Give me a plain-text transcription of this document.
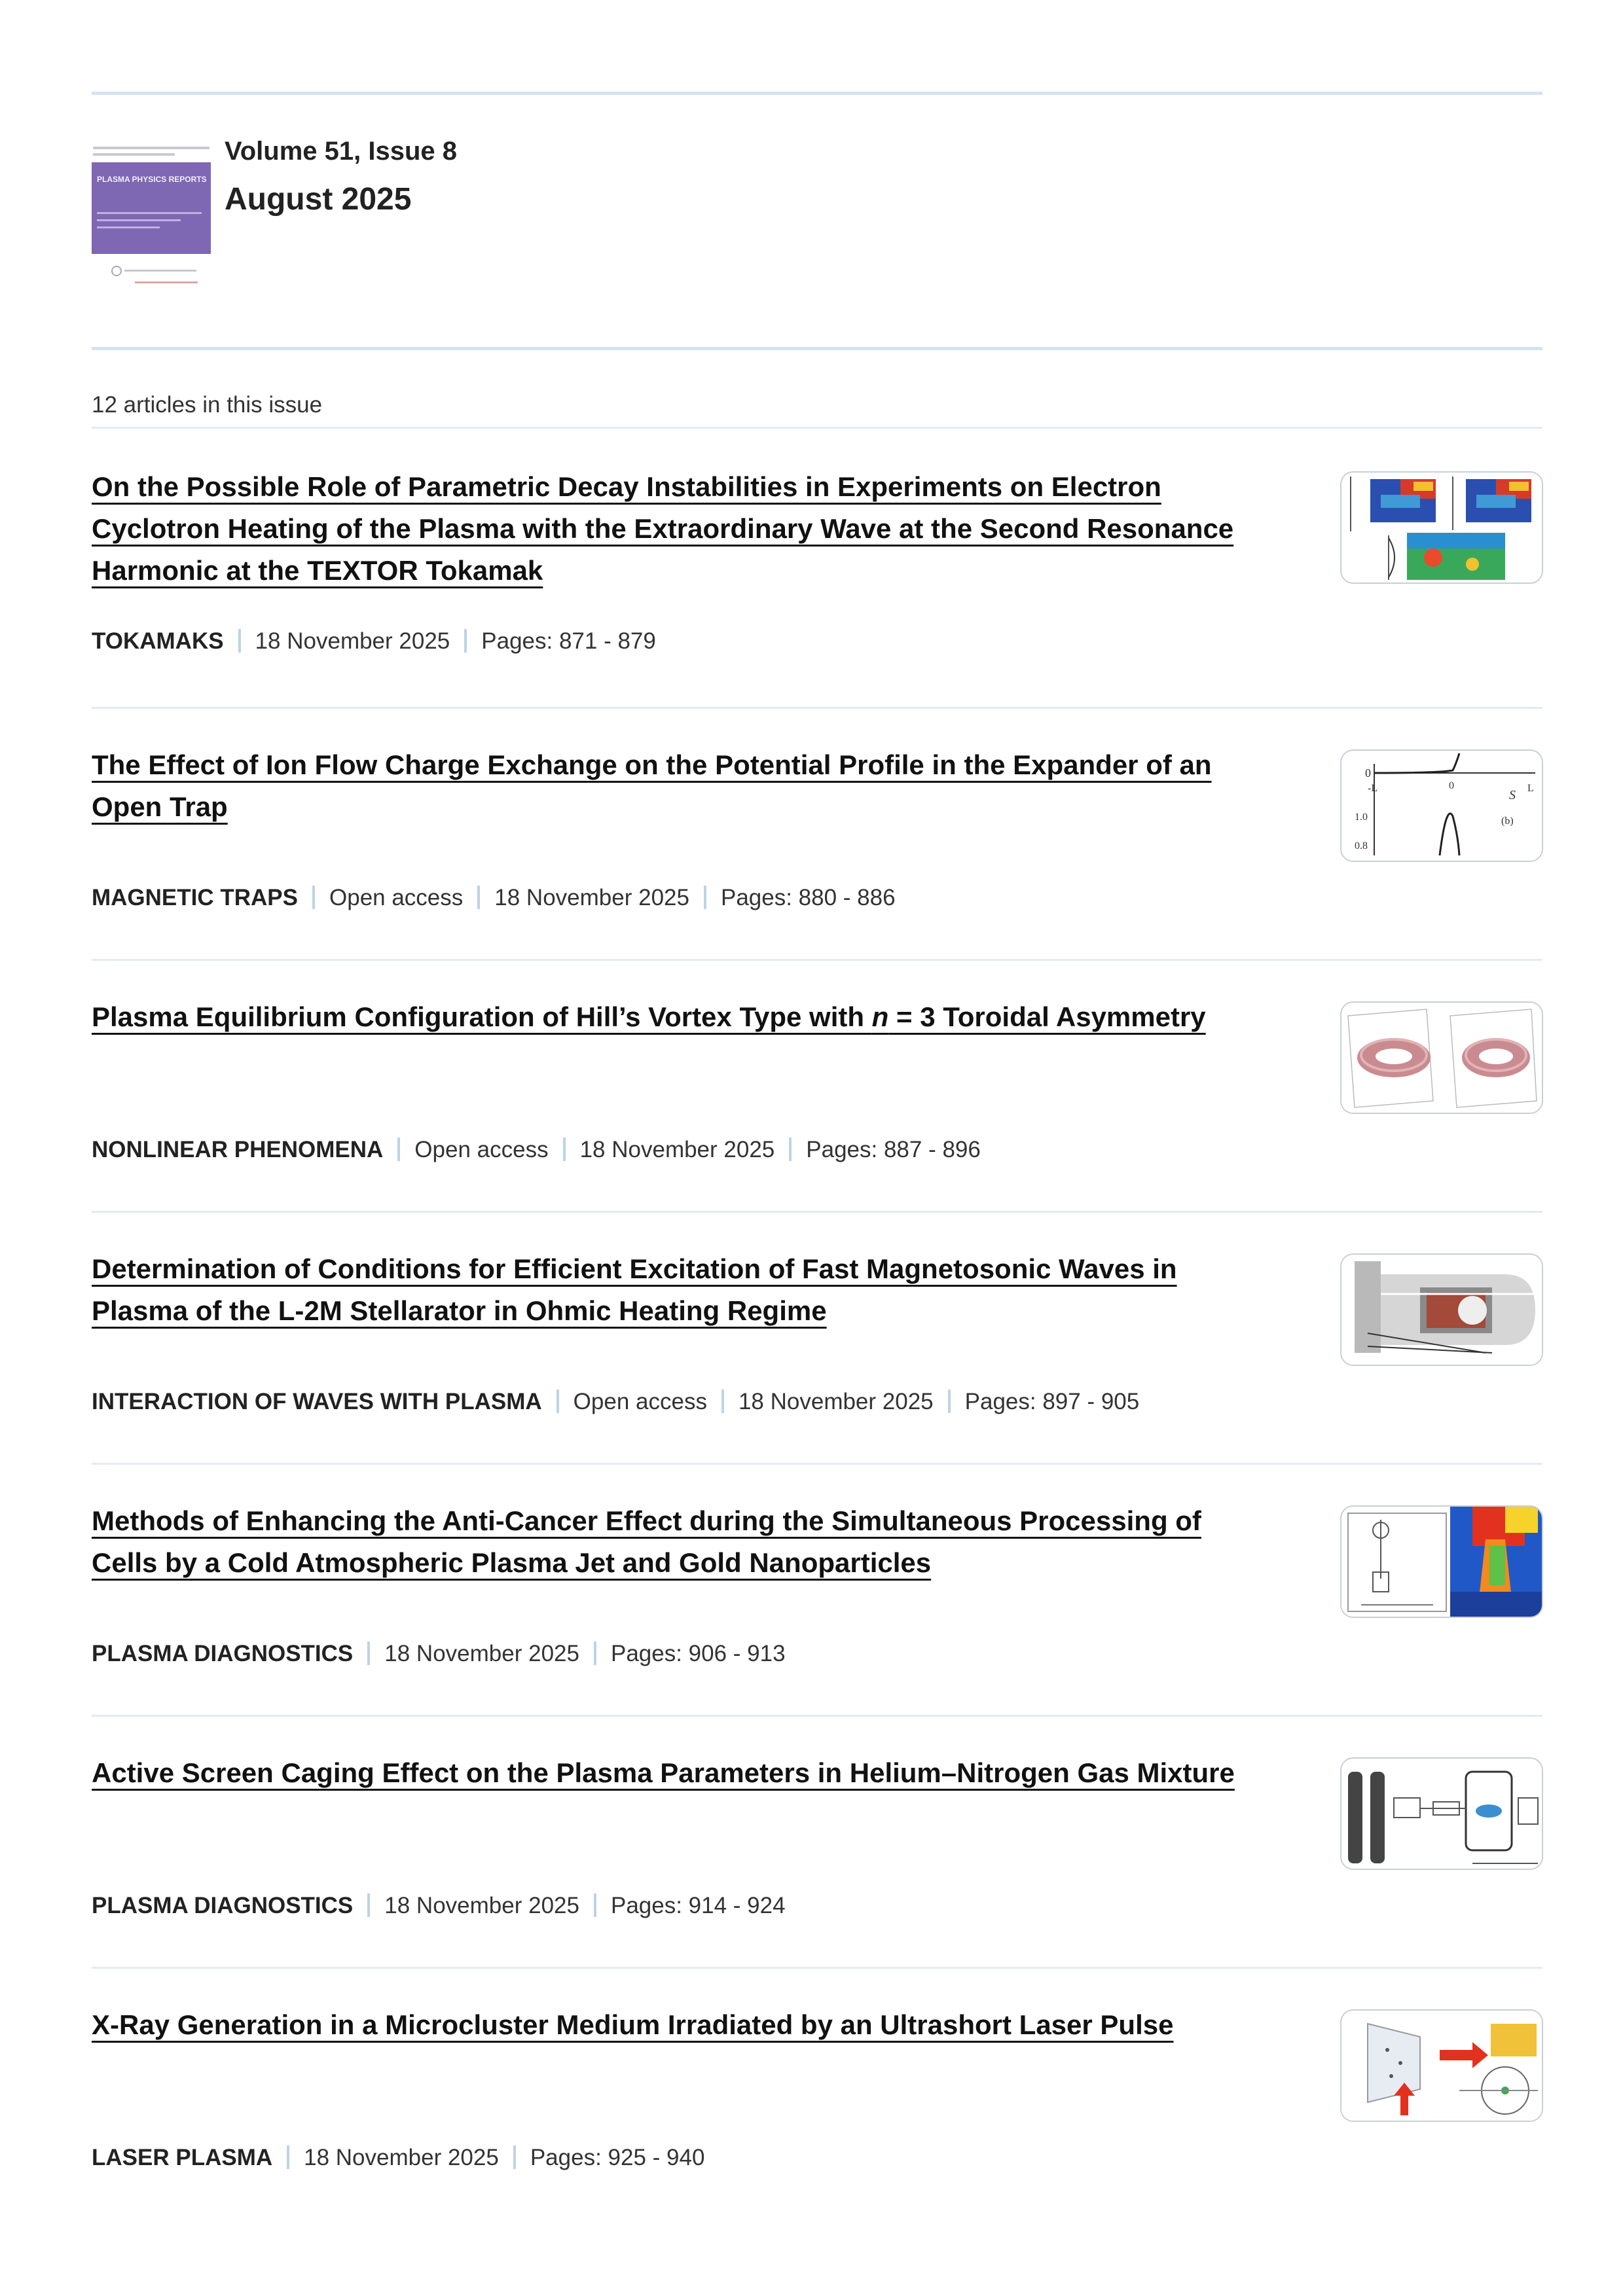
PLASMA PHYSICS REPORTS
Volume 51, Issue 8
August 2025
12 articles in this issue
On the Possible Role of Parametric Decay Instabilities in Experiments on Electron Cyclotron Heating of the Plasma with the Extraordinary Wave at the Second Resonance Harmonic at the TEXTOR Tokamak
TOKAMAKS 18 November 2025 Pages: 871 - 879
The Effect of Ion Flow Charge Exchange on the Potential Profile in the Expander of an Open Trap
MAGNETIC TRAPS Open access 18 November 2025 Pages: 880 - 886
0
-L	0
S L
(b)
1.0
0.8
Plasma Equilibrium Configuration of Hill’s Vortex Type with n = 3 Toroidal Asymmetry
NONLINEAR PHENOMENA Open access 18 November 2025 Pages: 887 - 896
Determination of Conditions for Efficient Excitation of Fast Magnetosonic Waves in Plasma of the L-2M Stellarator in Ohmic Heating Regime
INTERACTION OF WAVES WITH PLASMA Open access 18 November 2025 Pages: 897 - 905
Methods of Enhancing the Anti-Cancer Effect during the Simultaneous Processing of Cells by a Cold Atmospheric Plasma Jet and Gold Nanoparticles
PLASMA DIAGNOSTICS 18 November 2025 Pages: 906 - 913
Active Screen Caging Effect on the Plasma Parameters in Helium–Nitrogen Gas Mixture
PLASMA DIAGNOSTICS 18 November 2025 Pages: 914 - 924
X-Ray Generation in a Microcluster Medium Irradiated by an Ultrashort Laser Pulse
LASER PLASMA 18 November 2025 Pages: 925 - 940
